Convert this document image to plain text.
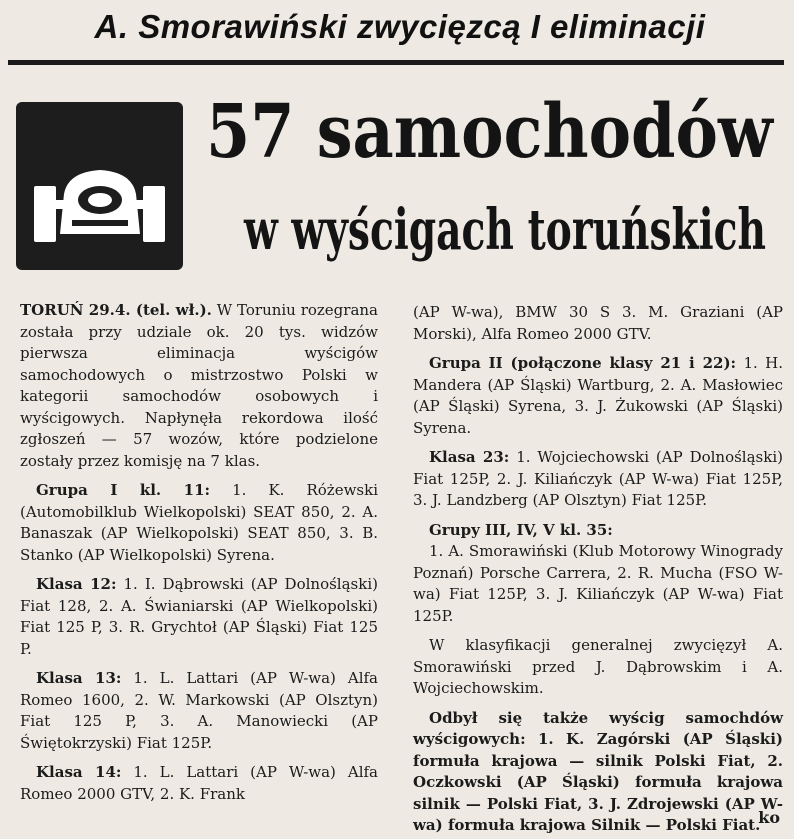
A. Smorawiński zwycięzcą I eliminacji
57 samochodów
w wyścigach toruńskich

TORUŃ 29.4. (tel. wł.). W Toruniu rozegrana została przy udziale ok. 20 tys. widzów pierwsza eliminacja wyścigów samochodowych o mistrzostwo Polski w kategorii samochodów osobowych i wyścigowych. Napłynęła rekordowa ilość zgłoszeń — 57 wozów, które podzielone zostały przez komisję na 7 klas.

Grupa I kl. 11: 1. K. Różewski (Automobilklub Wielkopolski) SEAT 850, 2. A. Banaszak (AP Wielkopolski) SEAT 850, 3. B. Stanko (AP Wielkopolski) Syrena.

Klasa 12: 1. I. Dąbrowski (AP Dolnośląski) Fiat 128, 2. A. Świaniarski (AP Wielkopolski) Fiat 125 P, 3. R. Grychtoł (AP Śląski) Fiat 125 P.

Klasa 13: 1. L. Lattari (AP W-wa) Alfa Romeo 1600, 2. W. Markowski (AP Olsztyn) Fiat 125 P, 3. A. Manowiecki (AP Świętokrzyski) Fiat 125P.

Klasa 14: 1. L. Lattari (AP W-wa) Alfa Romeo 2000 GTV, 2. K. Frank

(AP W-wa), BMW 30 S 3. M. Graziani (AP Morski), Alfa Romeo 2000 GTV.

Grupa II (połączone klasy 21 i 22): 1. H. Mandera (AP Śląski) Wartburg, 2. A. Masłowiec (AP Śląski) Syrena, 3. J. Żukowski (AP Śląski) Syrena.

Klasa 23: 1. Wojciechowski (AP Dolnośląski) Fiat 125P, 2. J. Kiliańczyk (AP W-wa) Fiat 125P, 3. J. Landzberg (AP Olsztyn) Fiat 125P.

Grupy III, IV, V kl. 35:
1. A. Smorawiński (Klub Motorowy Winogrady Poznań) Porsche Carrera, 2. R. Mucha (FSO W-wa) Fiat 125P, 3. J. Kiliańczyk (AP W-wa) Fiat 125P.

W klasyfikacji generalnej zwycięzył A. Smorawiński przed J. Dąbrowskim i A. Wojciechowskim.

Odbył się także wyścig samochdów wyścigowych: 1. K. Zagórski (AP Śląski) formuła krajowa — silnik Polski Fiat, 2. Oczkowski (AP Śląski) formuła krajowa silnik — Polski Fiat, 3. J. Zdrojewski (AP W-wa) formuła krajowa Silnik — Polski Fiat.

ko
